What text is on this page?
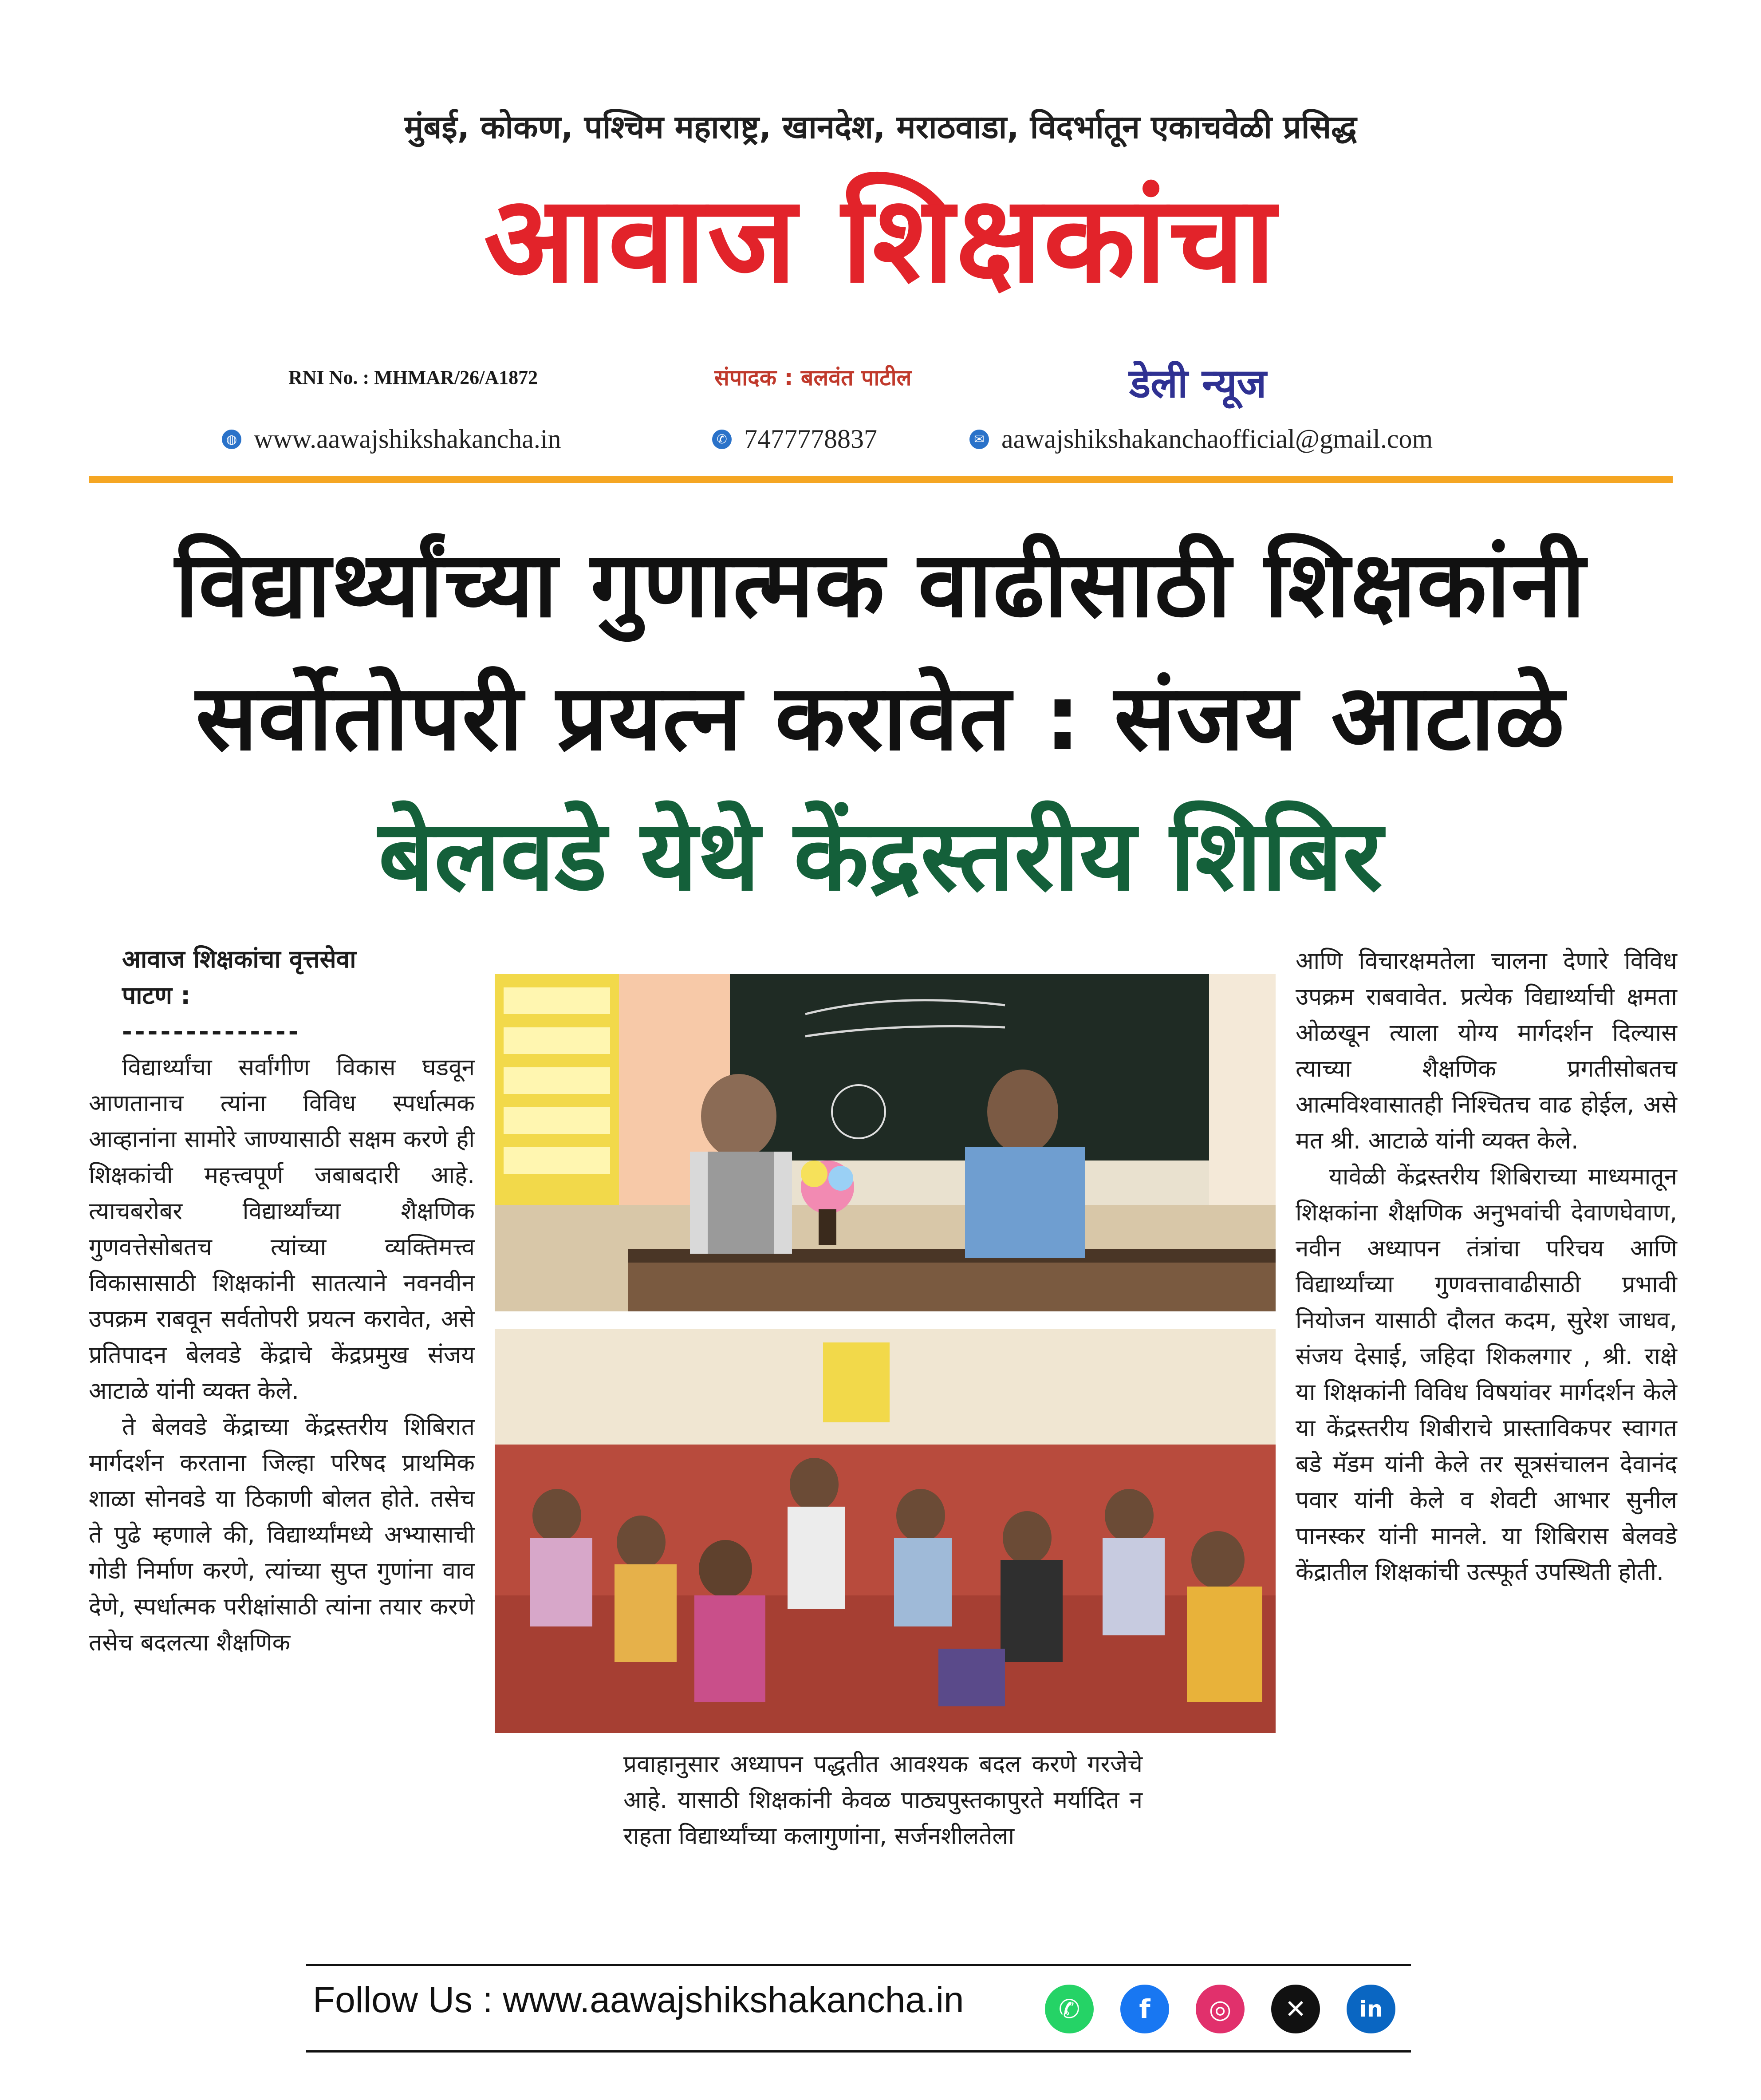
मुंबई, कोकण, पश्चिम महाराष्ट्र, खानदेश, मराठवाडा, विदर्भातून एकाचवेळी प्रसिद्ध
आवाज शिक्षकांचा
RNI No. : MHMAR/26/A1872	संपादक : बलवंत पाटील	डेली न्यूज
◍ www.aawajshikshakancha.in	✆ 7477778837	✉ aawajshikshakanchaofficial@gmail.com
विद्यार्थ्यांच्या गुणात्मक वाढीसाठी शिक्षकांनी
सर्वोतोपरी प्रयत्न करावेत : संजय आटाळे
बेलवडे येथे केंद्रस्तरीय शिबिर

आवाज शिक्षकांचा वृत्तसेवा

पाटण :

--------------

विद्यार्थ्यांचा सर्वांगीण विकास घडवून आणतानाच त्यांना विविध स्पर्धात्मक आव्हानांना सामोरे जाण्यासाठी सक्षम करणे ही शिक्षकांची महत्त्वपूर्ण जबाबदारी आहे. त्याचबरोबर विद्यार्थ्यांच्या शैक्षणिक गुणवत्तेसोबतच त्यांच्या व्यक्तिमत्त्व विकासासाठी शिक्षकांनी सातत्याने नवनवीन उपक्रम राबवून सर्वतोपरी प्रयत्न करावेत, असे प्रतिपादन बेलवडे केंद्राचे केंद्रप्रमुख संजय आटाळे यांनी व्यक्त केले.

ते बेलवडे केंद्राच्या केंद्रस्तरीय शिबिरात मार्गदर्शन करताना जिल्हा परिषद प्राथमिक शाळा सोनवडे या ठिकाणी बोलत होते. तसेच ते पुढे म्हणाले की, विद्यार्थ्यांमध्ये अभ्यासाची गोडी निर्माण करणे, त्यांच्या सुप्त गुणांना वाव देणे, स्पर्धात्मक परीक्षांसाठी त्यांना तयार करणे तसेच बदलत्या शैक्षणिक

प्रवाहानुसार अध्यापन पद्धतीत आवश्यक बदल करणे गरजेचे आहे. यासाठी शिक्षकांनी केवळ पाठ्यपुस्तकापुरते मर्यादित न राहता विद्यार्थ्यांच्या कलागुणांना, सर्जनशीलतेला

आणि विचारक्षमतेला चालना देणारे विविध उपक्रम राबवावेत. प्रत्येक विद्यार्थ्याची क्षमता ओळखून त्याला योग्य मार्गदर्शन दिल्यास त्याच्या शैक्षणिक प्रगतीसोबतच आत्मविश्वासातही निश्चितच वाढ होईल, असे मत श्री. आटाळे यांनी व्यक्त केले.

यावेळी केंद्रस्तरीय शिबिराच्या माध्यमातून शिक्षकांना शैक्षणिक अनुभवांची देवाणघेवाण, नवीन अध्यापन तंत्रांचा परिचय आणि विद्यार्थ्यांच्या गुणवत्तावाढीसाठी प्रभावी नियोजन यासाठी दौलत कदम, सुरेश जाधव, संजय देसाई, जहिदा शिकलगार , श्री. राक्षे या शिक्षकांनी विविध विषयांवर मार्गदर्शन केले या केंद्रस्तरीय शिबीराचे प्रास्ताविकपर स्वागत बडे मॅडम यांनी केले तर सूत्रसंचालन देवानंद पवार यांनी केले व शेवटी आभार सुनील पानस्कर यांनी मानले. या शिबिरास बेलवडे केंद्रातील शिक्षकांची उत्स्फूर्त उपस्थिती होती.

Follow Us : www.aawajshikshakancha.in	✆	f	◎	✕	in
